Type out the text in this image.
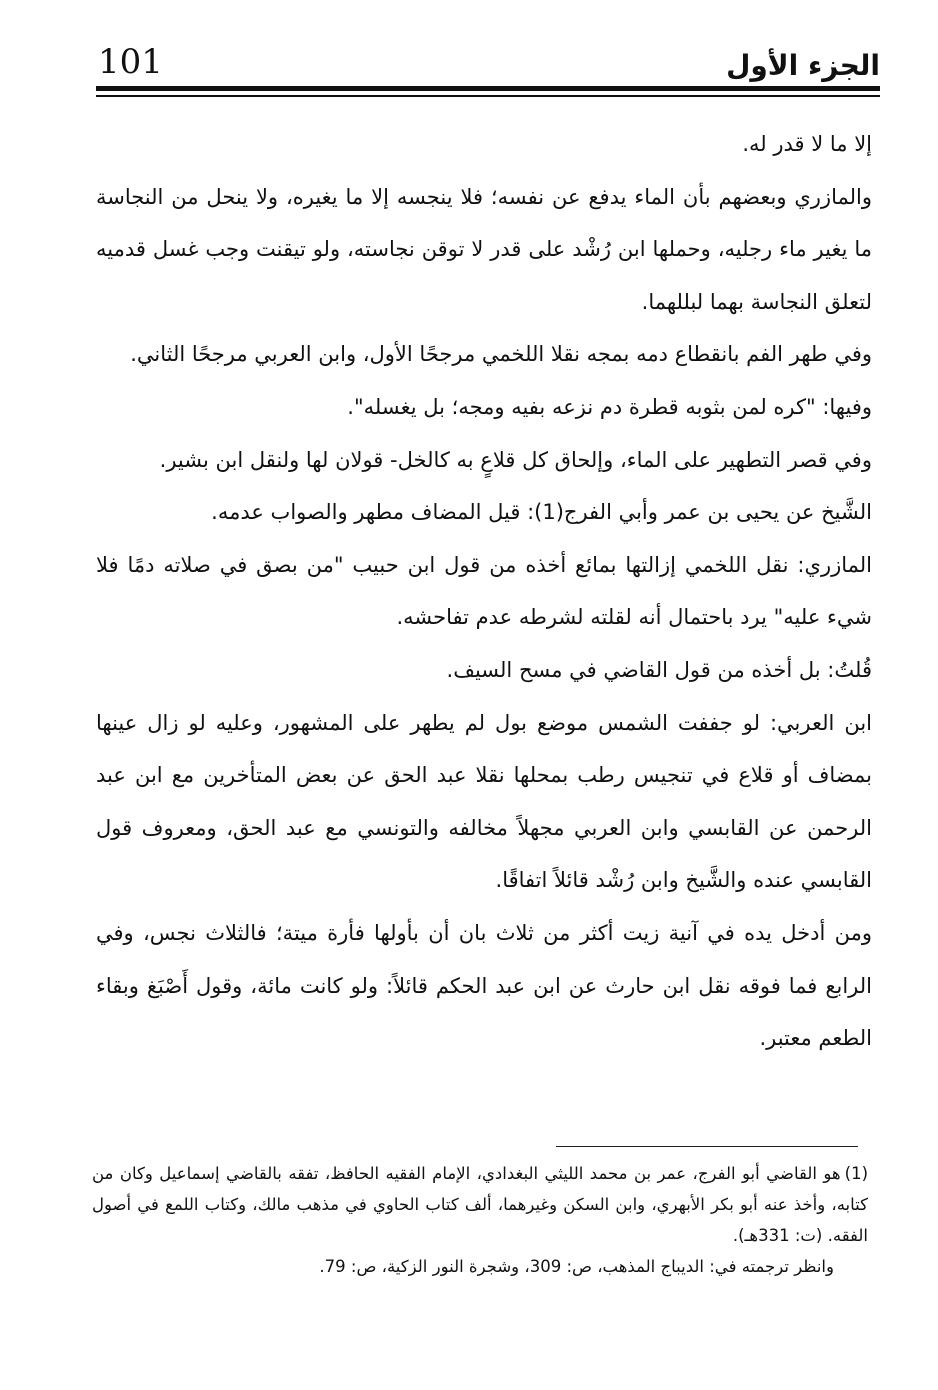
101	الجزء الأول

إلا ما لا قدر له.

والمازري وبعضهم بأن الماء يدفع عن نفسه؛ فلا ينجسه إلا ما يغيره، ولا ينحل من النجاسة ما يغير ماء رجليه، وحملها ابن رُشْد على قدر لا توقن نجاسته، ولو تيقنت وجب غسل قدميه لتعلق النجاسة بهما لبللهما.

وفي طهر الفم بانقطاع دمه بمجه نقلا اللخمي مرجحًا الأول، وابن العربي مرجحًا الثاني.

وفيها: "كره لمن بثوبه قطرة دم نزعه بفيه ومجه؛ بل يغسله".

وفي قصر التطهير على الماء، وإلحاق كل قلاعٍ به كالخل- قولان لها ولنقل ابن بشير.

الشَّيخ عن يحيى بن عمر وأبي الفرج(1): قيل المضاف مطهر والصواب عدمه.

المازري: نقل اللخمي إزالتها بمائع أخذه من قول ابن حبيب "من بصق في صلاته دمًا فلا شيء عليه" يرد باحتمال أنه لقلته لشرطه عدم تفاحشه.

قُلتُ: بل أخذه من قول القاضي في مسح السيف.

ابن العربي: لو جففت الشمس موضع بول لم يطهر على المشهور، وعليه لو زال عينها بمضاف أو قلاع في تنجيس رطب بمحلها نقلا عبد الحق عن بعض المتأخرين مع ابن عبد الرحمن عن القابسي وابن العربي مجهلاً مخالفه والتونسي مع عبد الحق، ومعروف قول القابسي عنده والشَّيخ وابن رُشْد قائلاً اتفاقًا.

ومن أدخل يده في آنية زيت أكثر من ثلاث بان أن بأولها فأرة ميتة؛ فالثلاث نجس، وفي الرابع فما فوقه نقل ابن حارث عن ابن عبد الحكم قائلاً: ولو كانت مائة، وقول أَصْبَغ وبقاء الطعم معتبر.

(1)هو القاضي أبو الفرج، عمر بن محمد الليثي البغدادي، الإمام الفقيه الحافظ، تفقه بالقاضي إسماعيل وكان من كتابه، وأخذ عنه أبو بكر الأبهري، وابن السكن وغيرهما، ألف كتاب الحاوي في مذهب مالك، وكتاب اللمع في أصول الفقه. (ت: 331هـ).

وانظر ترجمته في: الديباج المذهب، ص: 309، وشجرة النور الزكية، ص: 79.
